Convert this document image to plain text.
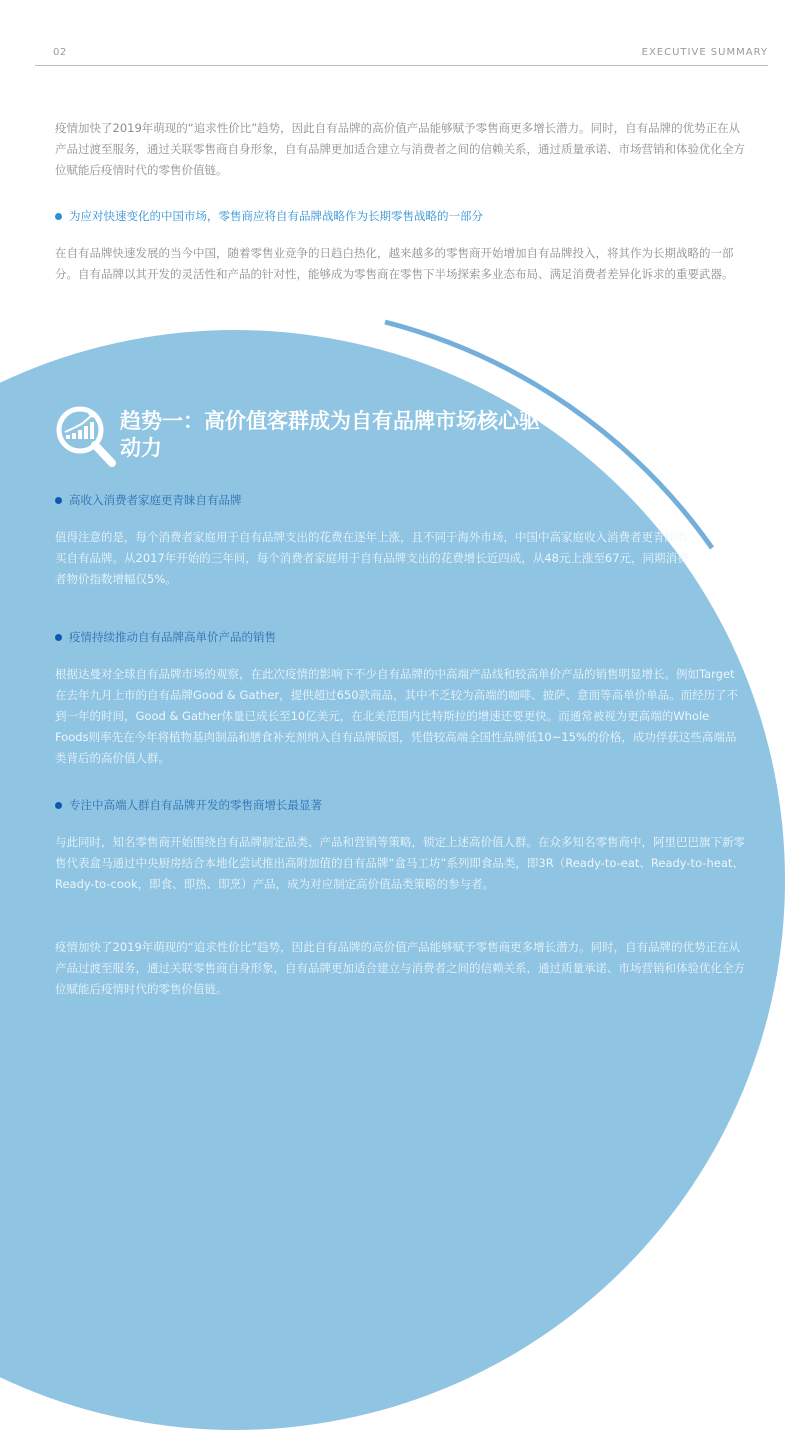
02	EXECUTIVE SUMMARY

疫情加快了2019年萌现的“追求性价比”趋势，因此自有品牌的高价值产品能够赋予零售商更多增长潜力。同时，自有品牌的优势正在从产品过渡至服务，通过关联零售商自身形象，自有品牌更加适合建立与消费者之间的信赖关系，通过质量承诺、市场营销和体验优化全方位赋能后疫情时代的零售价值链。

为应对快速变化的中国市场，零售商应将自有品牌战略作为长期零售战略的一部分

在自有品牌快速发展的当今中国，随着零售业竞争的日趋白热化，越来越多的零售商开始增加自有品牌投入，将其作为长期战略的一部分。自有品牌以其开发的灵活性和产品的针对性，能够成为零售商在零售下半场探索多业态布局、满足消费者差异化诉求的重要武器。

趋势一：高价值客群成为自有品牌市场核心驱动力
高收入消费者家庭更青睐自有品牌

值得注意的是，每个消费者家庭用于自有品牌支出的花费在逐年上涨，且不同于海外市场，中国中高家庭收入消费者更青睐购买自有品牌。从2017年开始的三年间，每个消费者家庭用于自有品牌支出的花费增长近四成，从48元上涨至67元，同期消费者物价指数增幅仅5%。

疫情持续推动自有品牌高单价产品的销售

根据达曼对全球自有品牌市场的观察，在此次疫情的影响下不少自有品牌的中高端产品线和较高单价产品的销售明显增长。例如Target在去年九月上市的自有品牌Good & Gather，提供超过650款商品，其中不乏较为高端的咖啡、披萨、意面等高单价单品。而经历了不到一年的时间，Good & Gather体量已成长至10亿美元，在北美范围内比特斯拉的增速还要更快。而通常被视为更高端的Whole Foods则率先在今年将植物基肉制品和膳食补充剂纳入自有品牌版图，凭借较高端全国性品牌低10~15%的价格，成功俘获这些高端品类背后的高价值人群。

专注中高端人群自有品牌开发的零售商增长最显著

与此同时，知名零售商开始围绕自有品牌制定品类、产品和营销等策略，锁定上述高价值人群。在众多知名零售商中，阿里巴巴旗下新零售代表盒马通过中央厨房结合本地化尝试推出高附加值的自有品牌“盒马工坊”系列即食品类，即3R（Ready-to-eat、Ready-to-heat、Ready-to-cook，即食、即热、即烹）产品，成为对应制定高价值品类策略的参与者。

疫情加快了2019年萌现的“追求性价比”趋势，因此自有品牌的高价值产品能够赋予零售商更多增长潜力。同时，自有品牌的优势正在从产品过渡至服务，通过关联零售商自身形象，自有品牌更加适合建立与消费者之间的信赖关系，通过质量承诺、市场营销和体验优化全方位赋能后疫情时代的零售价值链。
